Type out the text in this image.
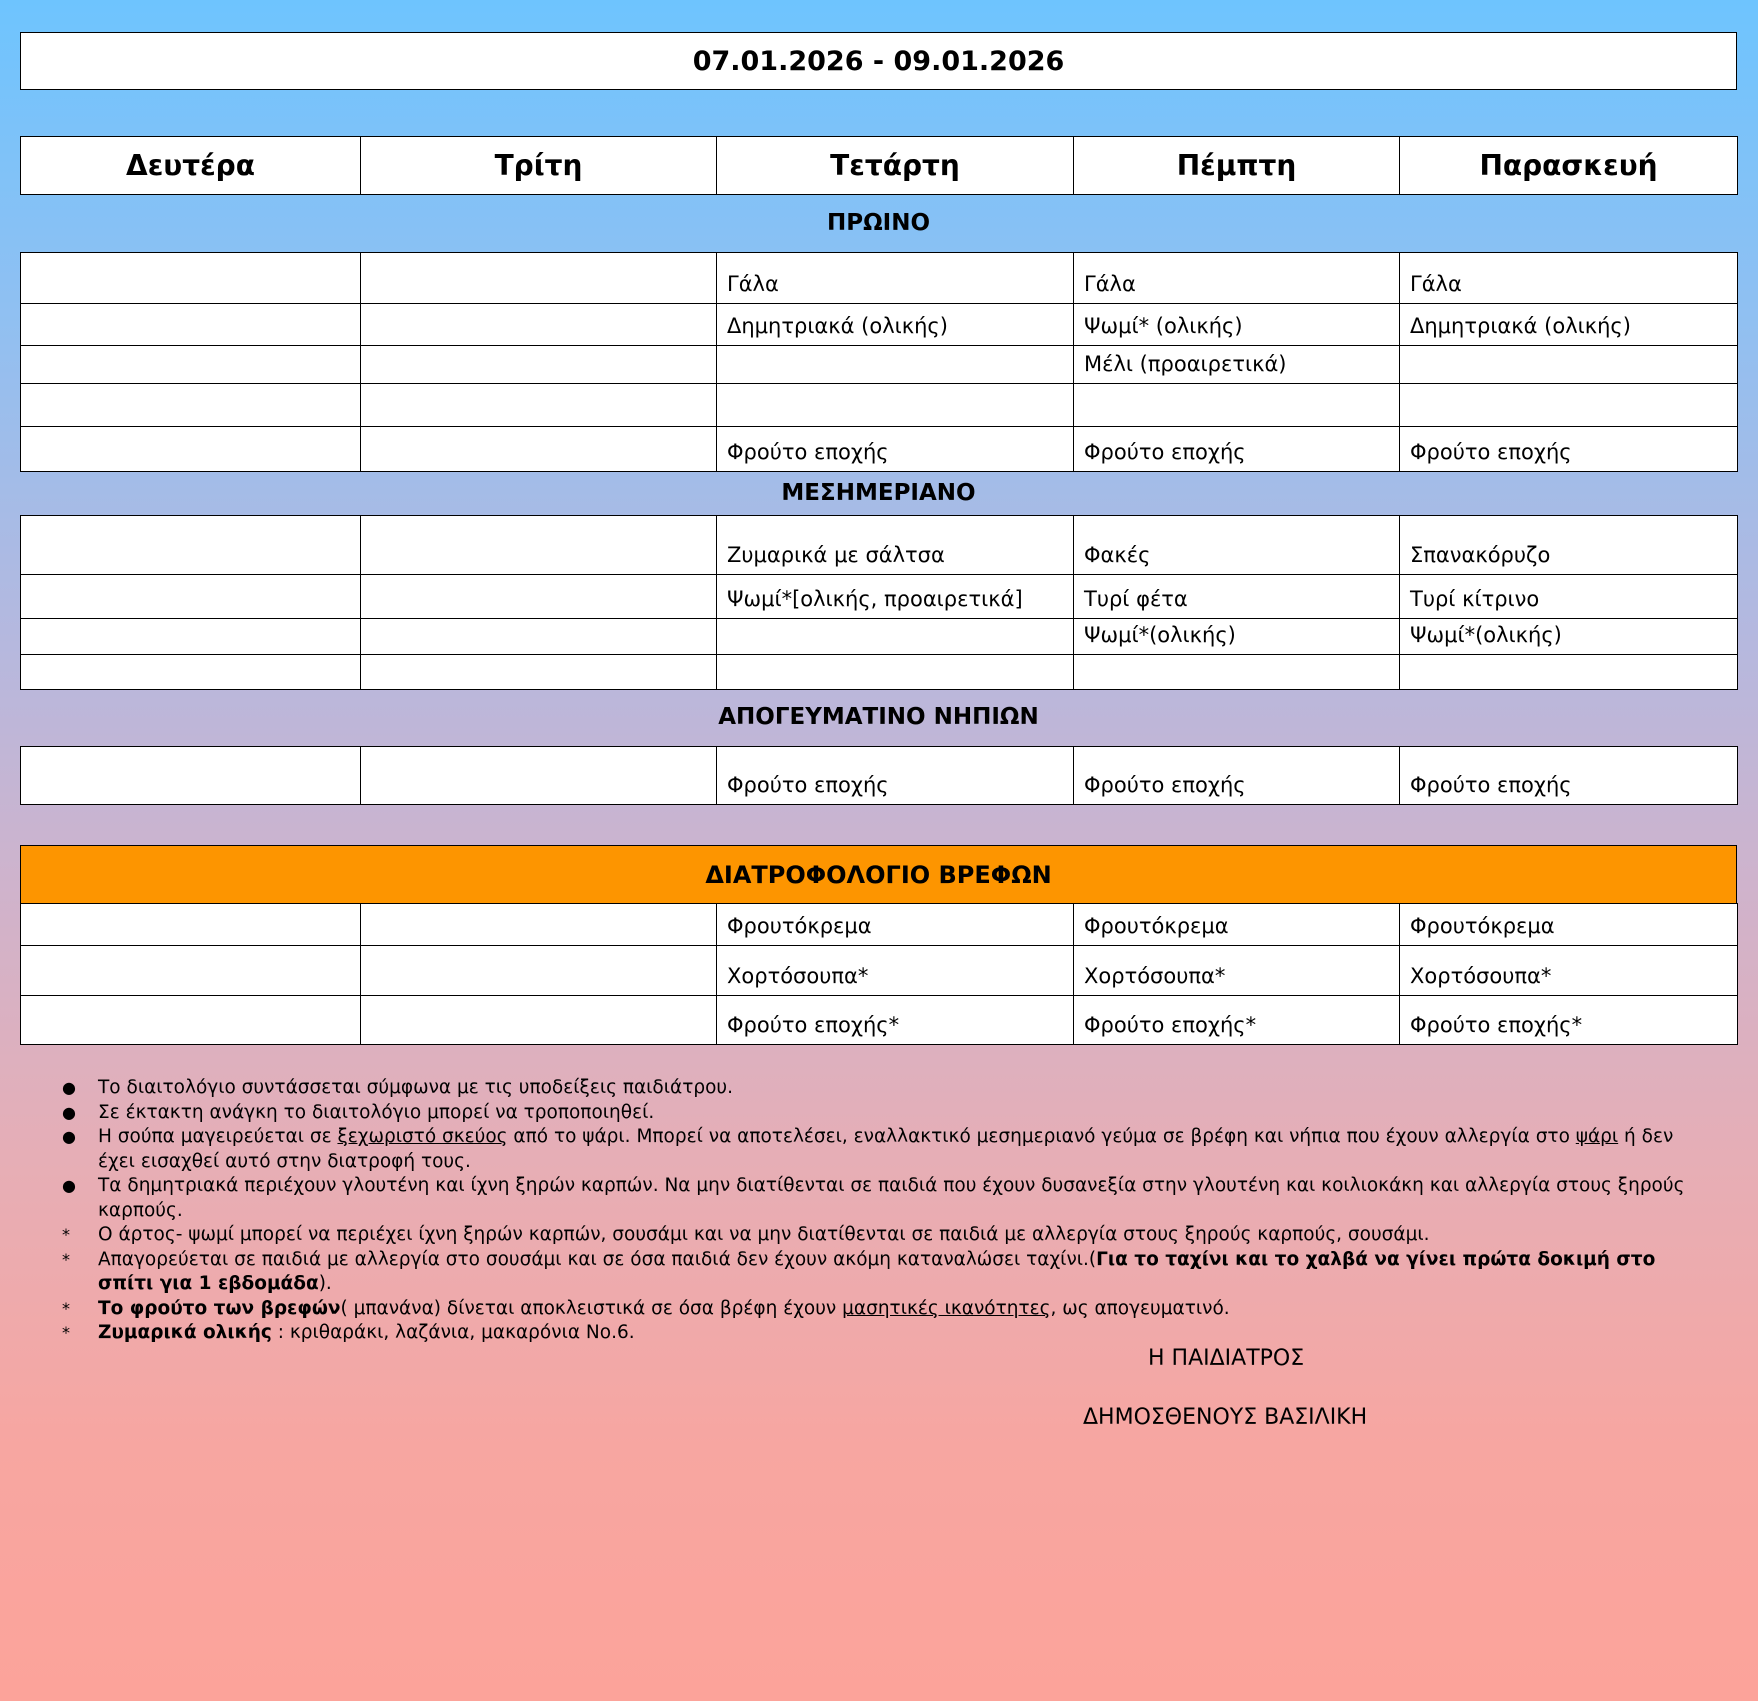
07.01.2026 - 09.01.2026
Δευτέρα	Τρίτη	Τετάρτη	Πέμπτη	Παρασκευή
ΠΡΩΙΝΟ
		Γάλα	Γάλα	Γάλα
		Δημητριακά (ολικής)	Ψωμί* (ολικής)	Δημητριακά (ολικής)
			Μέλι (προαιρετικά)	

		Φρούτο εποχής	Φρούτο εποχής	Φρούτο εποχής
ΜΕΣΗΜΕΡΙΑΝΟ
		Ζυμαρικά με σάλτσα	Φακές	Σπανακόρυζο
		Ψωμί*[ολικής, προαιρετικά]	Τυρί φέτα	Τυρί κίτρινο
			Ψωμί*(ολικής)	Ψωμί*(ολικής)

ΑΠΟΓΕΥΜΑΤΙΝΟ ΝΗΠΙΩΝ
		Φρούτο εποχής	Φρούτο εποχής	Φρούτο εποχής
ΔΙΑΤΡΟΦΟΛΟΓΙΟ ΒΡΕΦΩΝ
		Φρουτόκρεμα	Φρουτόκρεμα	Φρουτόκρεμα
		Χορτόσουπα*	Χορτόσουπα*	Χορτόσουπα*
		Φρούτο εποχής*	Φρούτο εποχής*	Φρούτο εποχής*
● Το διαιτολόγιο συντάσσεται σύμφωνα με τις υποδείξεις παιδιάτρου.
● Σε έκτακτη ανάγκη το διαιτολόγιο μπορεί να τροποποιηθεί.
● Η σούπα μαγειρεύεται σε ξεχωριστό σκεύος από το ψάρι. Μπορεί να αποτελέσει, εναλλακτικό μεσημεριανό γεύμα σε βρέφη και νήπια που έχουν αλλεργία στο ψάρι ή δεν έχει εισαχθεί αυτό στην διατροφή τους.
● Τα δημητριακά περιέχουν γλουτένη και ίχνη ξηρών καρπών. Να μην διατίθενται σε παιδιά που έχουν δυσανεξία στην γλουτένη και κοιλιοκάκη και αλλεργία στους ξηρούς καρπούς.
* Ο άρτος- ψωμί μπορεί να περιέχει ίχνη ξηρών καρπών, σουσάμι και να μην διατίθενται σε παιδιά με αλλεργία στους ξηρούς καρπούς, σουσάμι.
* Απαγορεύεται σε παιδιά με αλλεργία στο σουσάμι και σε όσα παιδιά δεν έχουν ακόμη καταναλώσει ταχίνι.(Για το ταχίνι και το χαλβά να γίνει πρώτα δοκιμή στο σπίτι για 1 εβδομάδα).
* Το φρούτο των βρεφών( μπανάνα) δίνεται αποκλειστικά σε όσα βρέφη έχουν μασητικές ικανότητες, ως απογευματινό.
* Ζυμαρικά ολικής : κριθαράκι, λαζάνια, μακαρόνια Νο.6.
Η ΠΑΙΔΙΑΤΡΟΣ
ΔΗΜΟΣΘΕΝΟΥΣ ΒΑΣΙΛΙΚΗ
